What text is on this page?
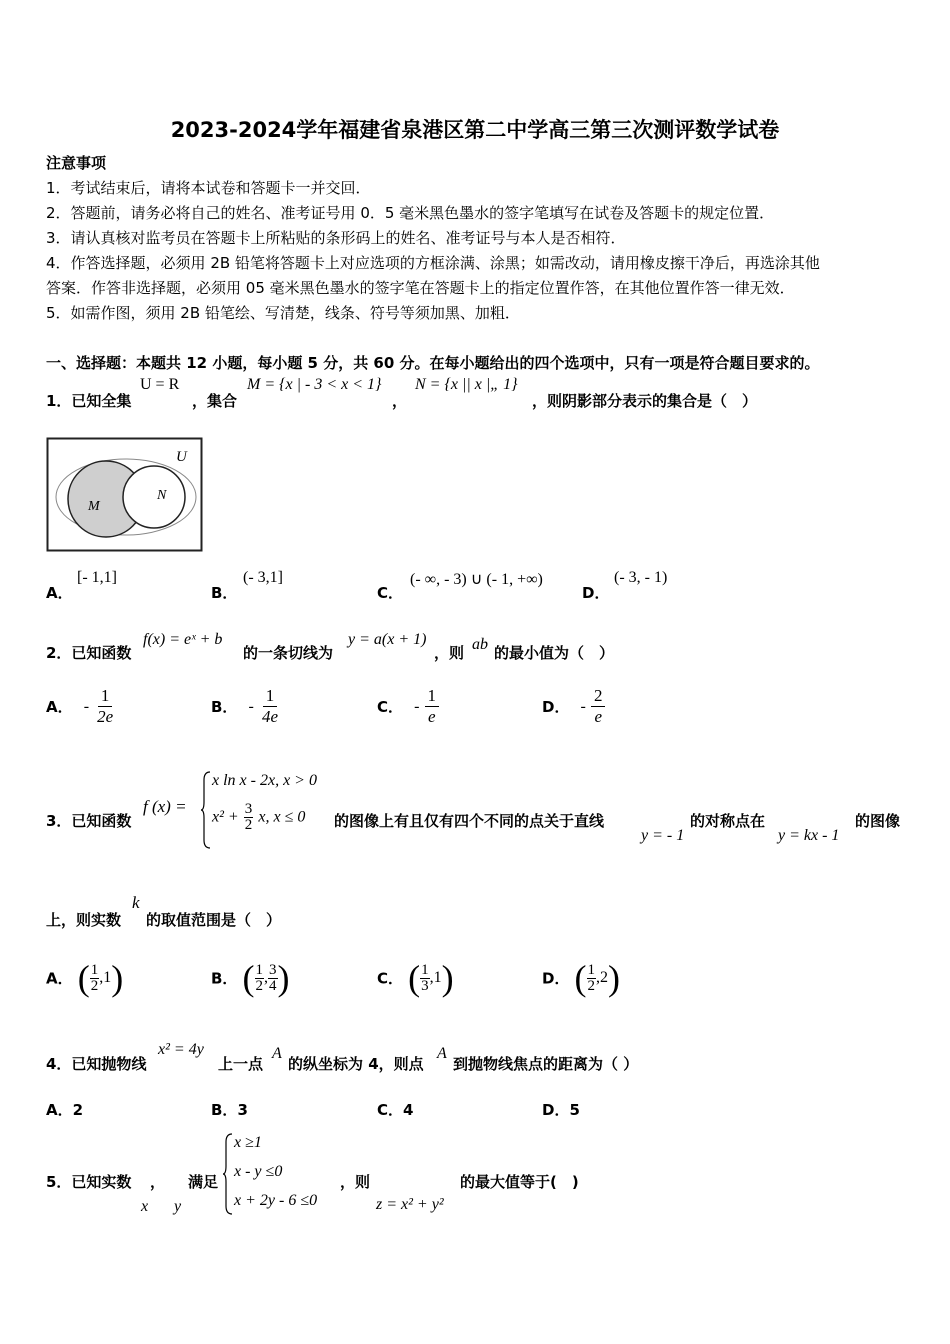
2023-2024学年福建省泉港区第二中学高三第三次测评数学试卷
注意事项
1．考试结束后，请将本试卷和答题卡一并交回．
2．答题前，请务必将自己的姓名、准考证号用 0．5 毫米黑色墨水的签字笔填写在试卷及答题卡的规定位置．
3．请认真核对监考员在答题卡上所粘贴的条形码上的姓名、准考证号与本人是否相符．
4．作答选择题，必须用 2B 铅笔将答题卡上对应选项的方框涂满、涂黑；如需改动，请用橡皮擦干净后，再选涂其他
答案．作答非选择题，必须用 05 毫米黑色墨水的签字笔在答题卡上的指定位置作答，在其他位置作答一律无效．
5．如需作图，须用 2B 铅笔绘、写清楚，线条、符号等须加黑、加粗．
一、选择题：本题共 12 小题，每小题 5 分，共 60 分。在每小题给出的四个选项中，只有一项是符合题目要求的。
1．已知全集
U = R
，集合
M = {x | - 3 < x < 1}
，
N = {x || x |„ 1}
，则阴影部分表示的集合是（　）
U
M
N
A．
[- 1,1]
B．
(- 3,1]
C．
(- ∞, - 3) ∪ (- 1, +∞)
D．
(- 3, - 1)
2．已知函数
f(x) = eˣ + b
的一条切线为
y = a(x + 1)
，则 ab 的最小值为（　）
A． - $\frac{1}{2e}$	B． - $\frac{1}{4e}$	C． - $\frac{1}{e}$	D． - $\frac{2}{e}$
3．已知函数
f (x) =
x ln x - 2x, x > 0
$x^2 + \frac{3}{2} x$, x ≤ 0 的图像上有且仅有四个不同的点关于直线
y = - 1
的对称点在
y = kx - 1
的图像
上，则实数
k
的取值范围是（　）
A． ( $\frac{1}{2} ,1$)	B． ( $\frac{1}{2}$ , $\frac{3}{4}$ )	C． ( $\frac{1}{3} ,1$)	D． ( $\frac{1}{2} ,2$)
4．已知抛物线
x² = 4y
上一点
A
的纵坐标为 4，则点
A
到抛物线焦点的距离为（ ）
A．2	B．3	C．4	D．5
5．已知实数 ， 满足
x y
x ≥1
x - y ≤0
x + 2y - 6 ≤0
，则
z = x² + y²
的最大值等于(　)
